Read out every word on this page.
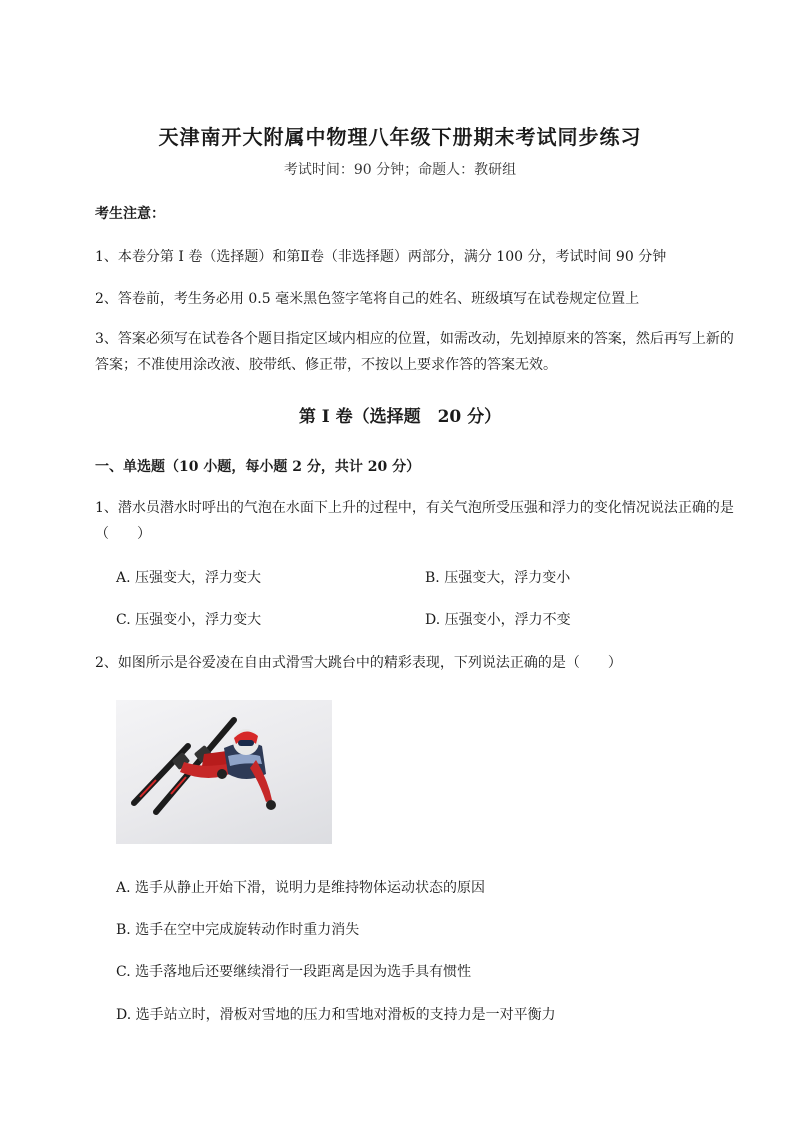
天津南开大附属中物理八年级下册期末考试同步练习
考试时间：90 分钟；命题人：教研组
考生注意：
1、本卷分第 I 卷（选择题）和第Ⅱ卷（非选择题）两部分，满分 100 分，考试时间 90 分钟
2、答卷前，考生务必用 0.5 毫米黑色签字笔将自己的姓名、班级填写在试卷规定位置上
3、答案必须写在试卷各个题目指定区域内相应的位置，如需改动，先划掉原来的答案，然后再写上新的答案；不准使用涂改液、胶带纸、修正带，不按以上要求作答的答案无效。
第 I 卷（选择题　20 分）
一、单选题（10 小题，每小题 2 分，共计 20 分）
1、潜水员潜水时呼出的气泡在水面下上升的过程中，有关气泡所受压强和浮力的变化情况说法正确的是（　　）
A. 压强变大，浮力变大	B. 压强变大，浮力变小
C. 压强变小，浮力变大	D. 压强变小，浮力不变
2、如图所示是谷爱凌在自由式滑雪大跳台中的精彩表现，下列说法正确的是（　　）
A. 选手从静止开始下滑，说明力是维持物体运动状态的原因
B. 选手在空中完成旋转动作时重力消失
C. 选手落地后还要继续滑行一段距离是因为选手具有惯性
D. 选手站立时，滑板对雪地的压力和雪地对滑板的支持力是一对平衡力
